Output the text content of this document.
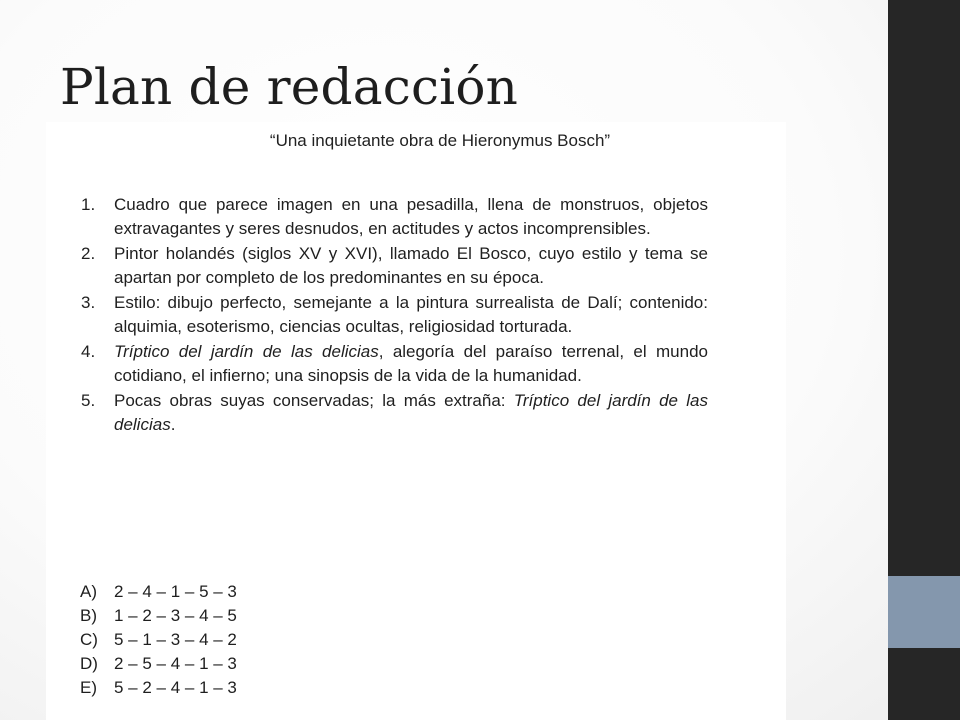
Plan de redacción
“Una inquietante obra de Hieronymus Bosch”
1. Cuadro que parece imagen en una pesadilla, llena de monstruos, objetos extravagantes y seres desnudos, en actitudes y actos incomprensibles.
2. Pintor holandés (siglos XV y XVI), llamado El Bosco, cuyo estilo y tema se apartan por completo de los predominantes en su época.
3. Estilo: dibujo perfecto, semejante a la pintura surrealista de Dalí; contenido: alquimia, esoterismo, ciencias ocultas, religiosidad torturada.
4. Tríptico del jardín de las delicias, alegoría del paraíso terrenal, el mundo cotidiano, el infierno; una sinopsis de la vida de la humanidad.
5. Pocas obras suyas conservadas; la más extraña: Tríptico del jardín de las delicias.
A) 2 – 4 – 1 – 5 – 3
B) 1 – 2 – 3 – 4 – 5
C) 5 – 1 – 3 – 4 – 2
D) 2 – 5 – 4 – 1 – 3
E) 5 – 2 – 4 – 1 – 3
